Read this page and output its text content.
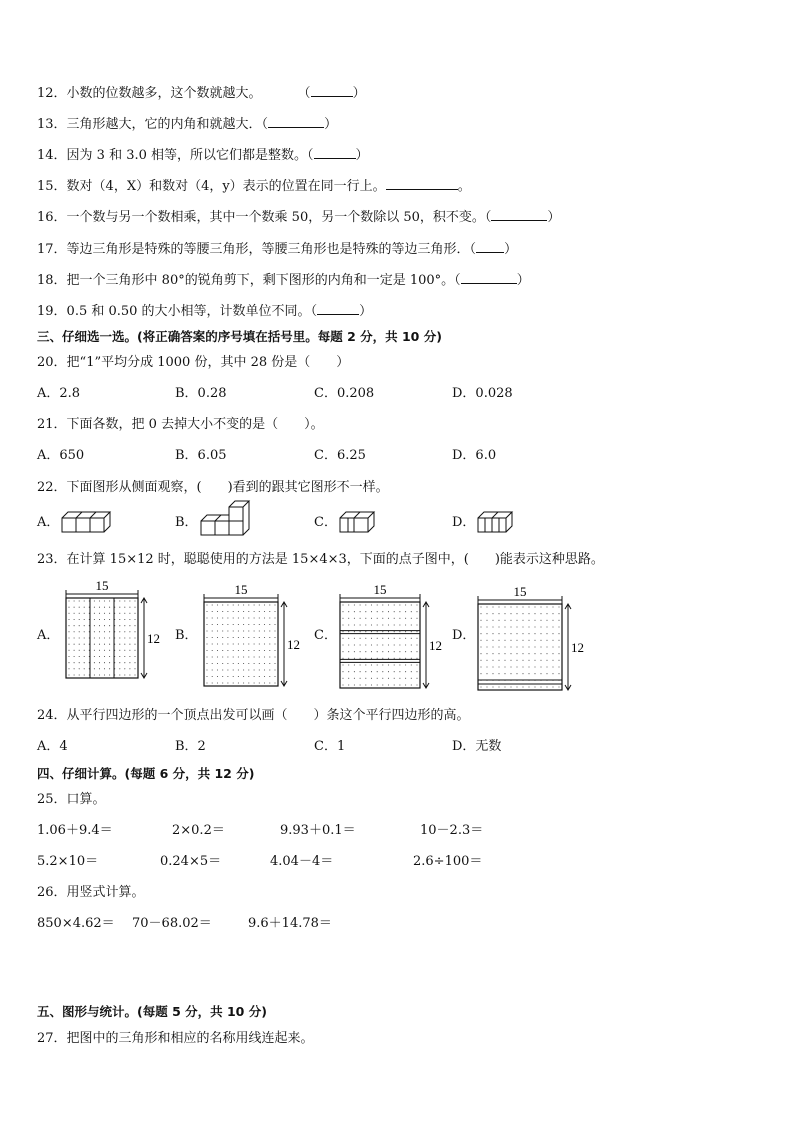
12．小数的位数越多，这个数就越大。	（	）
13．三角形越大，它的内角和就越大．（	）
14．因为 3 和 3.0 相等，所以它们都是整数。（	）
15．数对（4，X）和数对（4，y）表示的位置在同一行上。	。
16．一个数与另一个数相乘，其中一个数乘 50，另一个数除以 50，积不变。（	）
17．等边三角形是特殊的等腰三角形，等腰三角形也是特殊的等边三角形．（ ）
18．把一个三角形中 80°的锐角剪下，剩下图形的内角和一定是 100°。（	）
19．0.5 和 0.50 的大小相等，计数单位不同。（	）
三、仔细选一选。(将正确答案的序号填在括号里。每题 2 分，共 10 分)
20．把“1”平均分成 1000 份，其中 28 份是（　　）
A．2.8	B．0.28	C．0.208	D．0.028
21．下面各数，把 0 去掉大小不变的是（　　）。
A．650	B．6.05	C．6.25	D．6.0
22．下面图形从侧面观察，(　　)看到的跟其它图形不一样。
A．	B．	C．	D．
23．在计算 15×12 时，聪聪使用的方法是 15×4×3，下面的点子图中，(　　)能表示这种思路。
A．	B．	C．	D．
15
12
15
12
15
12
15
12
24．从平行四边形的一个顶点出发可以画（　　）条这个平行四边形的高。
A．4	B．2	C．1	D．无数
四、仔细计算。(每题 6 分，共 12 分)
25．口算。
1.06＋9.4＝	2×0.2＝	9.93＋0.1＝	10－2.3＝
5.2×10＝	0.24×5＝	4.04－4＝	2.6÷100＝
26．用竖式计算。
850×4.62＝ 70－68.02＝	9.6＋14.78＝
五、图形与统计。(每题 5 分，共 10 分)
27．把图中的三角形和相应的名称用线连起来。
